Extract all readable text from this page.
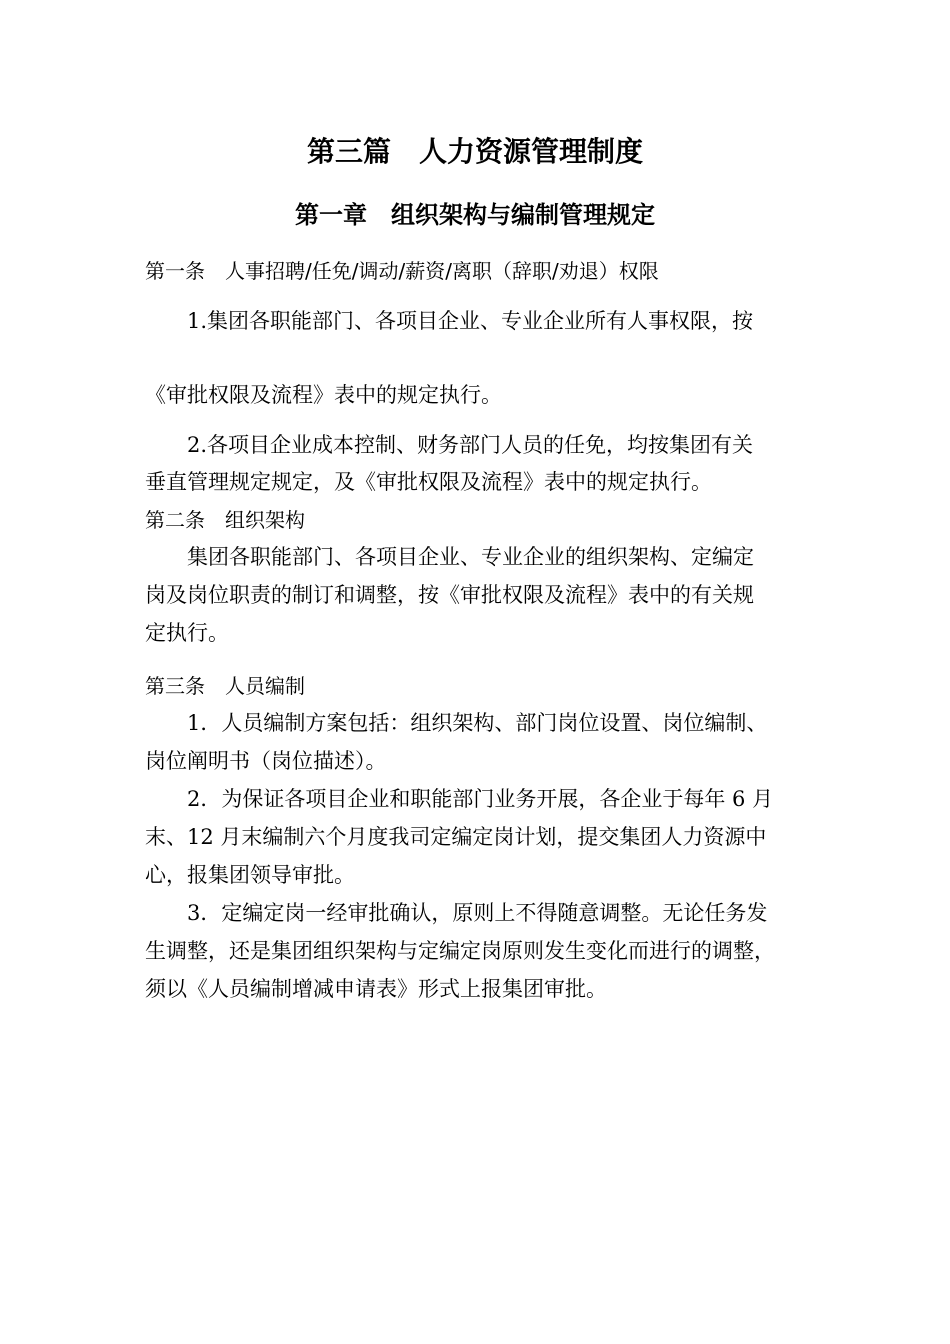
第三篇　人力资源管理制度
第一章　组织架构与编制管理规定
第一条　人事招聘/任免/调动/薪资/离职（辞职/劝退）权限
1.集团各职能部门、各项目企业、专业企业所有人事权限，按
《审批权限及流程》表中的规定执行。
2.各项目企业成本控制、财务部门人员的任免，均按集团有关
垂直管理规定规定，及《审批权限及流程》表中的规定执行。
第二条　组织架构
集团各职能部门、各项目企业、专业企业的组织架构、定编定
岗及岗位职责的制订和调整，按《审批权限及流程》表中的有关规
定执行。
第三条　人员编制
1．人员编制方案包括：组织架构、部门岗位设置、岗位编制、
岗位阐明书（岗位描述）。
2．为保证各项目企业和职能部门业务开展，各企业于每年 6 月
末、12 月末编制六个月度我司定编定岗计划，提交集团人力资源中
心，报集团领导审批。
3．定编定岗一经审批确认，原则上不得随意调整。无论任务发
生调整，还是集团组织架构与定编定岗原则发生变化而进行的调整，
须以《人员编制增减申请表》形式上报集团审批。
